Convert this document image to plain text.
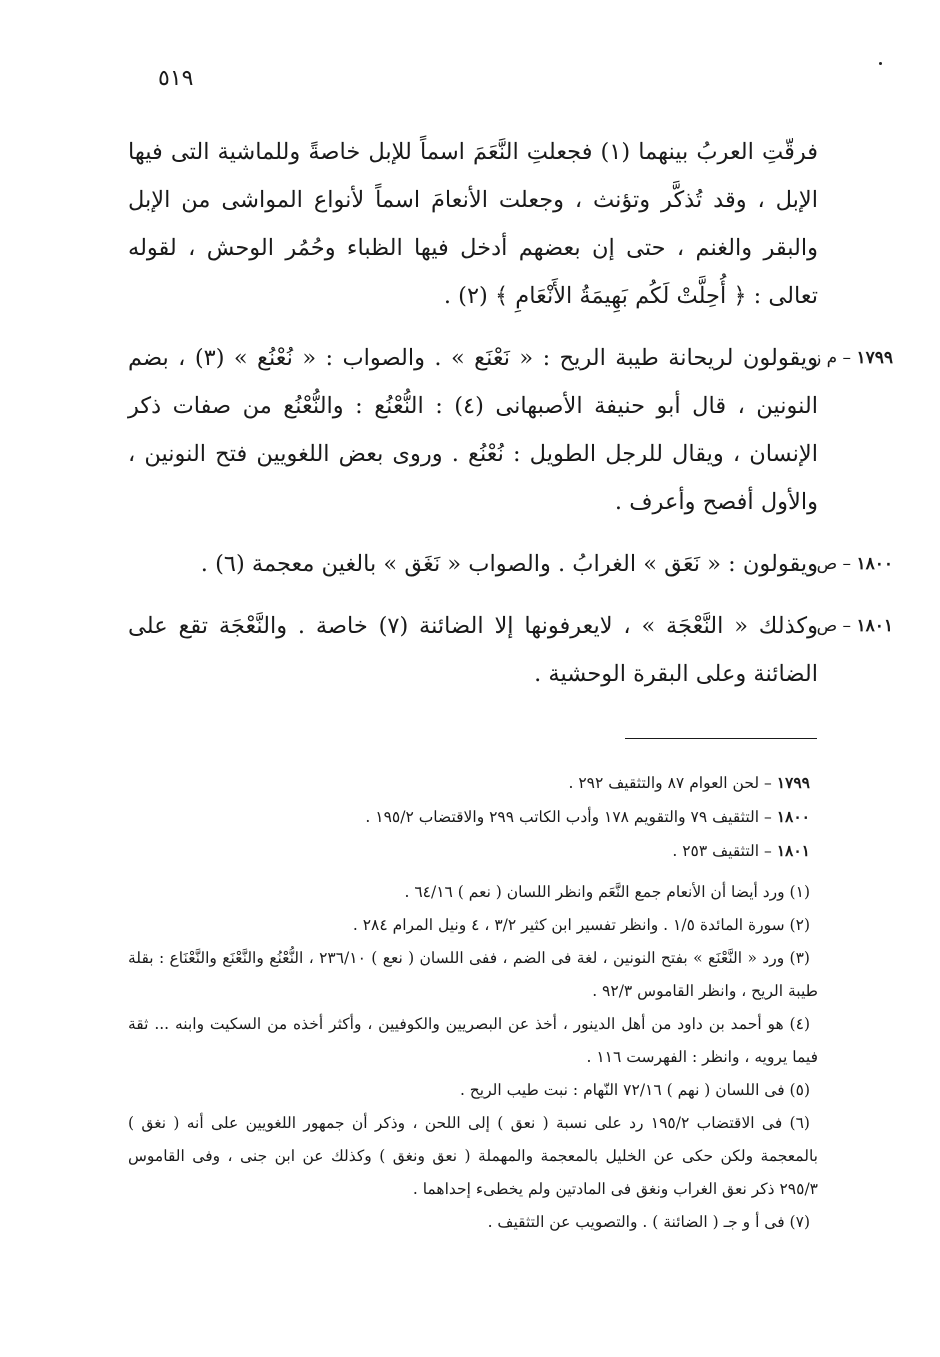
٥١٩

فرقّتِ العربُ بينهما (١) فجعلتِ النَّعَمَ اسماً للإبل خاصةً وللماشية التى فيها الإبل ، وقد تُذكَّر وتؤنث ، وجعلت الأنعامَ اسماً لأنواع المواشى من الإبل والبقر والغنم ، حتى إن بعضهم أدخل فيها الظباء وحُمُر الوحش ، لقوله تعالى : ﴿ أُحِلَّتْ لَكُم بَهِيمَةُ الأَنْعَامِ ﴾ (٢) .

١٧٩٩ – م ز

ويقولون لريحانة طيبة الريح : « نَعْنَع » . والصواب : « نُعْنُع » (٣) ، بضم النونين ، قال أبو حنيفة الأصبهانى (٤) : النُّعْنُع : والنُّعْنُع من صفات ذكر الإنسان ، ويقال للرجل الطويل : نُعْنُع . وروى بعض اللغويين فتح النونين ، والأول أفصح وأعرف .

١٨٠٠ – ص

ويقولون : « نَعَق » الغرابُ . والصواب « نَغَق » بالغين معجمة (٦) .

١٨٠١ – ص

وكذلك « النَّعْجَة » ، لايعرفونها إلا الضائنة (٧) خاصة . والنَّعْجَة تقع على الضائنة وعلى البقرة الوحشية .

١٧٩٩ – لحن العوام ٨٧ والتثقيف ٢٩٢ .

١٨٠٠ – التثقيف ٧٩ والتقويم ١٧٨ وأدب الكاتب ٢٩٩ والاقتضاب ١٩٥/٢ .

١٨٠١ – التثقيف ٢٥٣ .

(١) ورد أيضا أن الأنعام جمع النَّعَم وانظر اللسان ( نعم ) ٦٤/١٦ .

(٢) سورة المائدة ١/٥ . وانظر تفسير ابن كثير ٣/٢ ، ٤ ونيل المرام ٢٨٤ .

(٣) ورد « النَّعْنَع » بفتح النونين ، لغة فى الضم ، ففى اللسان ( نعع ) ٢٣٦/١٠ ، النُّعْنُع والنَّعْنَع والنَّعْنَاع : بقلة طيبة الريح ، وانظر القاموس ٩٢/٣ .

(٤) هو أحمد بن داود من أهل الدينور ، أخذ عن البصريين والكوفيين ، وأكثر أخذه من السكيت وابنه ... ثقة فيما يرويه ، وانظر : الفهرست ١١٦ .

(٥) فى اللسان ( نهم ) ٧٢/١٦ النّهام : نبت طيب الريح .

(٦) فى الاقتضاب ١٩٥/٢ رد على نسبة ( نعق ) إلى اللحن ، وذكر أن جمهور اللغويين على أنه ( نغق ) بالمعجمة ولكن حكى عن الخليل بالمعجمة والمهملة ( نعق ونغق ) وكذلك عن ابن جنى ، وفى القاموس ٢٩٥/٣ ذكر نعق الغراب ونغق فى المادتين ولم يخطىء إحداهما .

(٧) فى أ و جـ ( الضائنة ) . والتصويب عن التثقيف .
